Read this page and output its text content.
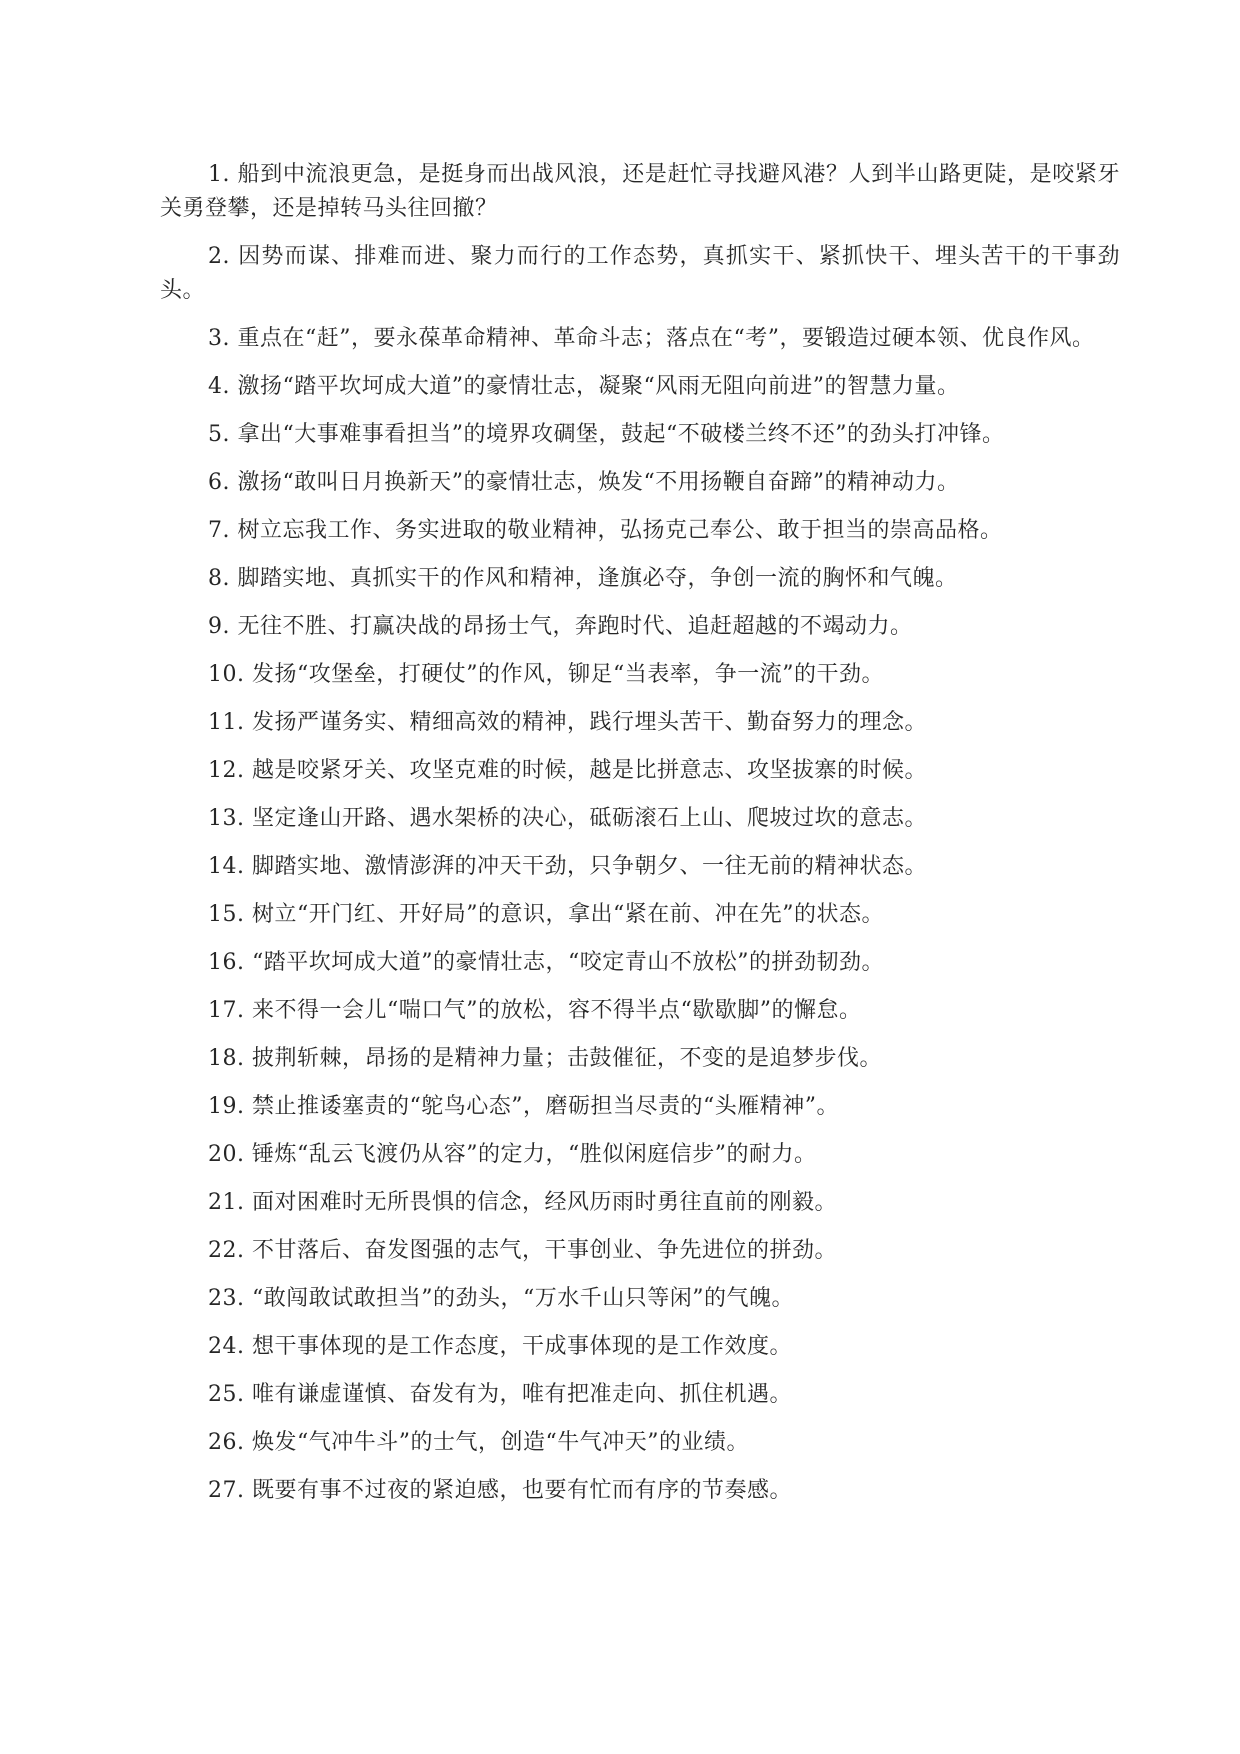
1. 船到中流浪更急，是挺身而出战风浪，还是赶忙寻找避风港？人到半山路更陡，是咬紧牙关勇登攀，还是掉转马头往回撤？

2. 因势而谋、排难而进、聚力而行的工作态势，真抓实干、紧抓快干、埋头苦干的干事劲头。

3. 重点在“赶”，要永葆革命精神、革命斗志；落点在“考”，要锻造过硬本领、优良作风。

4. 激扬“踏平坎坷成大道”的豪情壮志，凝聚“风雨无阻向前进”的智慧力量。

5. 拿出“大事难事看担当”的境界攻碉堡，鼓起“不破楼兰终不还”的劲头打冲锋。

6. 激扬“敢叫日月换新天”的豪情壮志，焕发“不用扬鞭自奋蹄”的精神动力。

7. 树立忘我工作、务实进取的敬业精神，弘扬克己奉公、敢于担当的崇高品格。

8. 脚踏实地、真抓实干的作风和精神，逢旗必夺，争创一流的胸怀和气魄。

9. 无往不胜、打赢决战的昂扬士气，奔跑时代、追赶超越的不竭动力。

10. 发扬“攻堡垒，打硬仗”的作风，铆足“当表率，争一流”的干劲。

11. 发扬严谨务实、精细高效的精神，践行埋头苦干、勤奋努力的理念。

12. 越是咬紧牙关、攻坚克难的时候，越是比拼意志、攻坚拔寨的时候。

13. 坚定逢山开路、遇水架桥的决心，砥砺滚石上山、爬坡过坎的意志。

14. 脚踏实地、激情澎湃的冲天干劲，只争朝夕、一往无前的精神状态。

15. 树立“开门红、开好局”的意识，拿出“紧在前、冲在先”的状态。

16. “踏平坎坷成大道”的豪情壮志，“咬定青山不放松”的拼劲韧劲。

17. 来不得一会儿“喘口气”的放松，容不得半点“歇歇脚”的懈怠。

18. 披荆斩棘，昂扬的是精神力量；击鼓催征，不变的是追梦步伐。

19. 禁止推诿塞责的“鸵鸟心态”，磨砺担当尽责的“头雁精神”。

20. 锤炼“乱云飞渡仍从容”的定力，“胜似闲庭信步”的耐力。

21. 面对困难时无所畏惧的信念，经风历雨时勇往直前的刚毅。

22. 不甘落后、奋发图强的志气，干事创业、争先进位的拼劲。

23. “敢闯敢试敢担当”的劲头，“万水千山只等闲”的气魄。

24. 想干事体现的是工作态度，干成事体现的是工作效度。

25. 唯有谦虚谨慎、奋发有为，唯有把准走向、抓住机遇。

26. 焕发“气冲牛斗”的士气，创造“牛气冲天”的业绩。

27. 既要有事不过夜的紧迫感，也要有忙而有序的节奏感。
